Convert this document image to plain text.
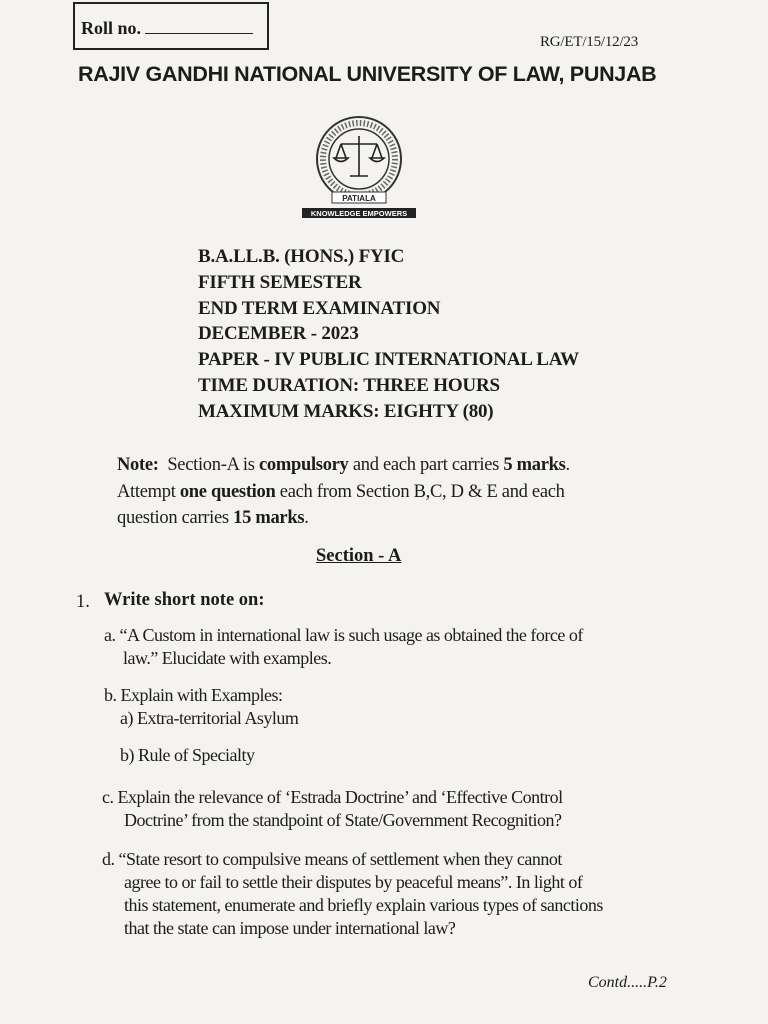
Roll no.
RG/ET/15/12/23
RAJIV GANDHI NATIONAL UNIVERSITY OF LAW, PUNJAB
PATIALA
KNOWLEDGE EMPOWERS
B.A.LL.B. (HONS.) FYIC
FIFTH SEMESTER
END TERM EXAMINATION
DECEMBER - 2023
PAPER - IV PUBLIC INTERNATIONAL LAW
TIME DURATION: THREE HOURS
MAXIMUM MARKS: EIGHTY (80)
Note: Section-A is compulsory and each part carries 5 marks.
Attempt one question each from Section B,C, D & E and each
question carries 15 marks.
Section - A
1. Write short note on:
a. “A Custom in international law is such usage as obtained the force of
law.” Elucidate with examples.
b. Explain with Examples:
a) Extra-territorial Asylum
b) Rule of Specialty
c. Explain the relevance of ‘Estrada Doctrine’ and ‘Effective Control
Doctrine’ from the standpoint of State/Government Recognition?
d. “State resort to compulsive means of settlement when they cannot
agree to or fail to settle their disputes by peaceful means”. In light of
this statement, enumerate and briefly explain various types of sanctions
that the state can impose under international law?
Contd.....P.2
